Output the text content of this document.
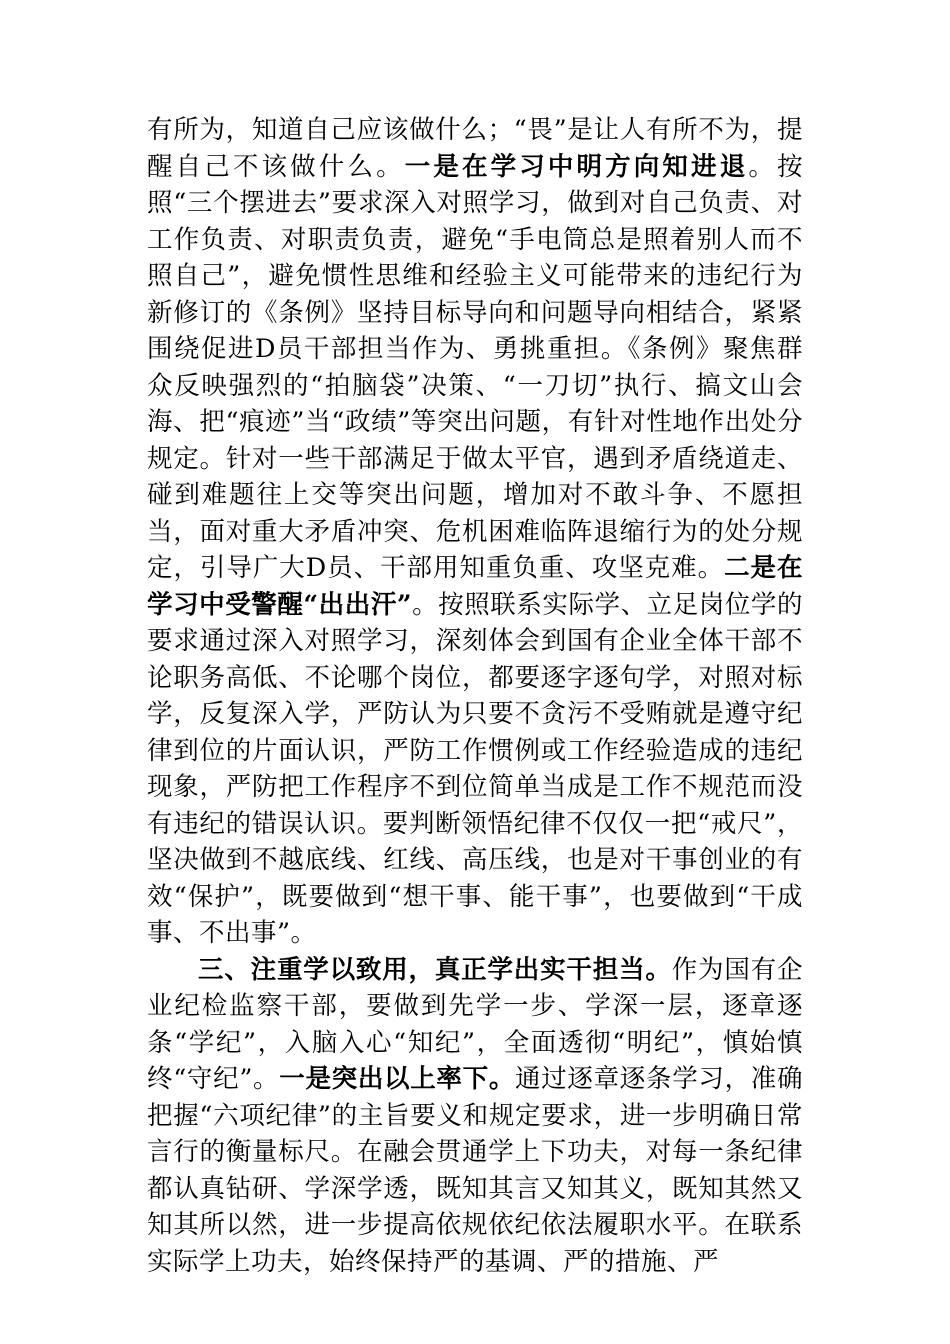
有所为，知道自己应该做什么；“畏”是让人有所不为，提醒自己不该做什么。一是在学习中明方向知进退。按照“三个摆进去”要求深入对照学习，做到对自己负责、对工作负责、对职责负责，避免“手电筒总是照着别人而不照自己”，避免惯性思维和经验主义可能带来的违纪行为新修订的《条例》坚持目标导向和问题导向相结合，紧紧围绕促进D员干部担当作为、勇挑重担。《条例》聚焦群众反映强烈的“拍脑袋”决策、“一刀切”执行、搞文山会海、把“痕迹”当“政绩”等突出问题，有针对性地作出处分规定。针对一些干部满足于做太平官，遇到矛盾绕道走、碰到难题往上交等突出问题，增加对不敢斗争、不愿担当，面对重大矛盾冲突、危机困难临阵退缩行为的处分规定，引导广大D员、干部用知重负重、攻坚克难。二是在学习中受警醒“出出汗”。按照联系实际学、立足岗位学的要求通过深入对照学习，深刻体会到国有企业全体干部不论职务高低、不论哪个岗位，都要逐字逐句学，对照对标学，反复深入学，严防认为只要不贪污不受贿就是遵守纪律到位的片面认识，严防工作惯例或工作经验造成的违纪现象，严防把工作程序不到位简单当成是工作不规范而没有违纪的错误认识。要判断领悟纪律不仅仅一把“戒尺”，坚决做到不越底线、红线、高压线，也是对干事创业的有效“保护”，既要做到“想干事、能干事”，也要做到“干成事、不出事”。

三、注重学以致用，真正学出实干担当。作为国有企业纪检监察干部，要做到先学一步、学深一层，逐章逐条“学纪”，入脑入心“知纪”，全面透彻“明纪”，慎始慎终“守纪”。一是突出以上率下。通过逐章逐条学习，准确把握“六项纪律”的主旨要义和规定要求，进一步明确日常言行的衡量标尺。在融会贯通学上下功夫，对每一条纪律都认真钻研、学深学透，既知其言又知其义，既知其然又知其所以然，进一步提高依规依纪依法履职水平。在联系实际学上功夫，始终保持严的基调、严的措施、严
